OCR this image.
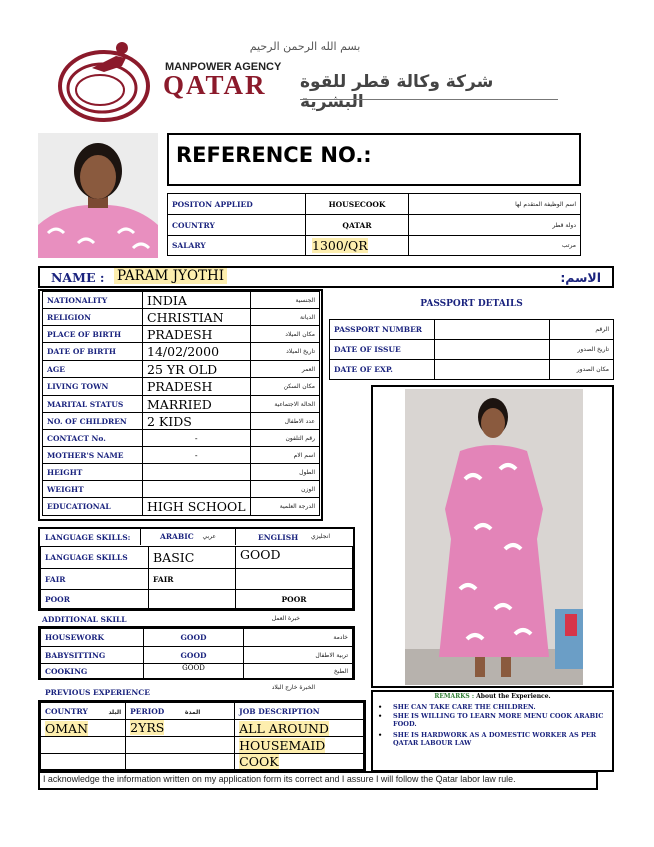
MANPOWER AGENCY
QATAR
بسم الله الرحمن الرحيم
شركة وكالة قطر للقوة البشرية
REFERENCE NO.:
POSITON APPLIED	HOUSECOOK	اسم الوظيفة المتقدم لها
COUNTRY	QATAR	دولة قطر
SALARY	1300/QR	مرتب
NAME : PARAM JYOTHI	الاسم:
NATIONALITY	INDIA	الجنسية
RELIGION	CHRISTIAN	الديانة
PLACE OF BIRTH	PRADESH	مكان الميلاد
DATE OF BIRTH	14/02/2000	تاريخ الميلاد
AGE	25 YR OLD	العمر
LIVING TOWN	PRADESH	مكان السكن
MARITAL STATUS	MARRIED	الحالة الاجتماعية
NO. OF CHILDREN	2 KIDS	عدد الاطفال
CONTACT No.	-	رقم التلفون
MOTHER'S NAME	-	اسم الام
HEIGHT		الطول
WEIGHT		الوزن
EDUCATIONAL	HIGH SCHOOL	الدرجة العلمية
PASSPORT DETAILS
PASSPORT NUMBER		الرقم
DATE OF ISSUE		تاريخ الصدور
DATE OF EXP.		مكان الصدور
LANGUAGE SKILLS:	ARABIC	عربي	ENGLISH	انجليزي
LANGUAGE SKILLS	BASIC	GOOD
FAIR	FAIR	
POOR		POOR
ADDITIONAL SKILL	خبرة العمل
HOUSEWORK	GOOD	خادمة
BABYSITTING	GOOD	تربية الاطفال
COOKING	GOOD	الطبخ
PREVIOUS EXPERIENCE
الخبرة خارج البلاد
COUNTRY البلد	PERIOD المدة	JOB DESCRIPTION
OMAN	2YRS	ALL AROUND
		HOUSEMAID
		COOK
REMARKS : About the Experience.
• SHE CAN TAKE CARE THE CHILDREN.
• SHE IS WILLING TO LEARN MORE MENU COOK ARABIC FOOD.
• SHE IS HARDWORK AS A DOMESTIC WORKER AS PER QATAR LABOUR LAW
I acknowledge the information written on my application form its correct and I assure I will follow the Qatar labor law rule.
